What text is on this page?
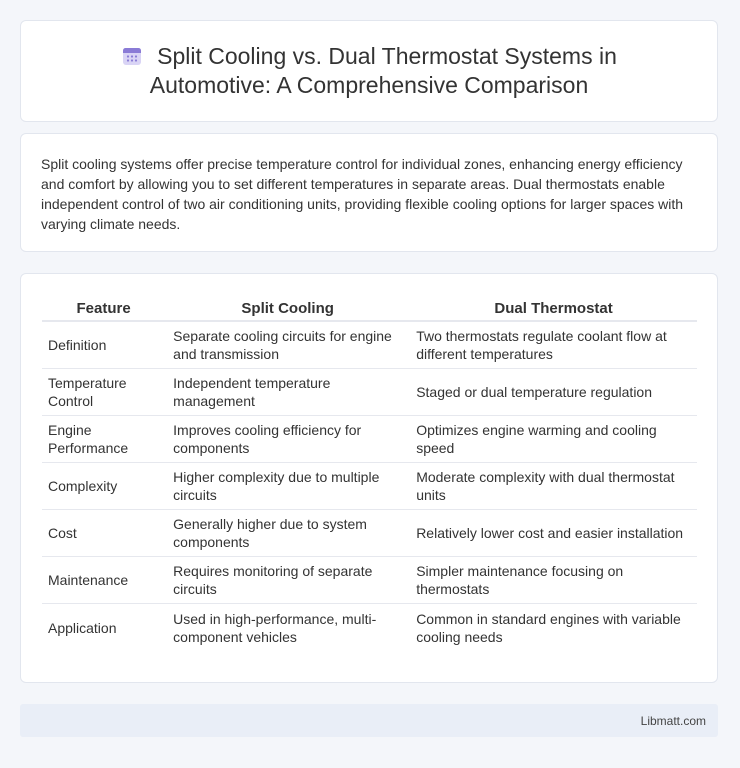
Split Cooling vs. Dual Thermostat Systems in Automotive: A Comprehensive Comparison

Split cooling systems offer precise temperature control for individual zones, enhancing energy efficiency and comfort by allowing you to set different temperatures in separate areas. Dual thermostats enable independent control of two air conditioning units, providing flexible cooling options for larger spaces with varying climate needs.

Feature	Split Cooling	Dual Thermostat
Definition	Separate cooling circuits for engine and transmission	Two thermostats regulate coolant flow at different temperatures
Temperature Control	Independent temperature management	Staged or dual temperature regulation
Engine Performance	Improves cooling efficiency for components	Optimizes engine warming and cooling speed
Complexity	Higher complexity due to multiple circuits	Moderate complexity with dual thermostat units
Cost	Generally higher due to system components	Relatively lower cost and easier installation
Maintenance	Requires monitoring of separate circuits	Simpler maintenance focusing on thermostats
Application	Used in high-performance, multi-component vehicles	Common in standard engines with variable cooling needs
Libmatt.com
